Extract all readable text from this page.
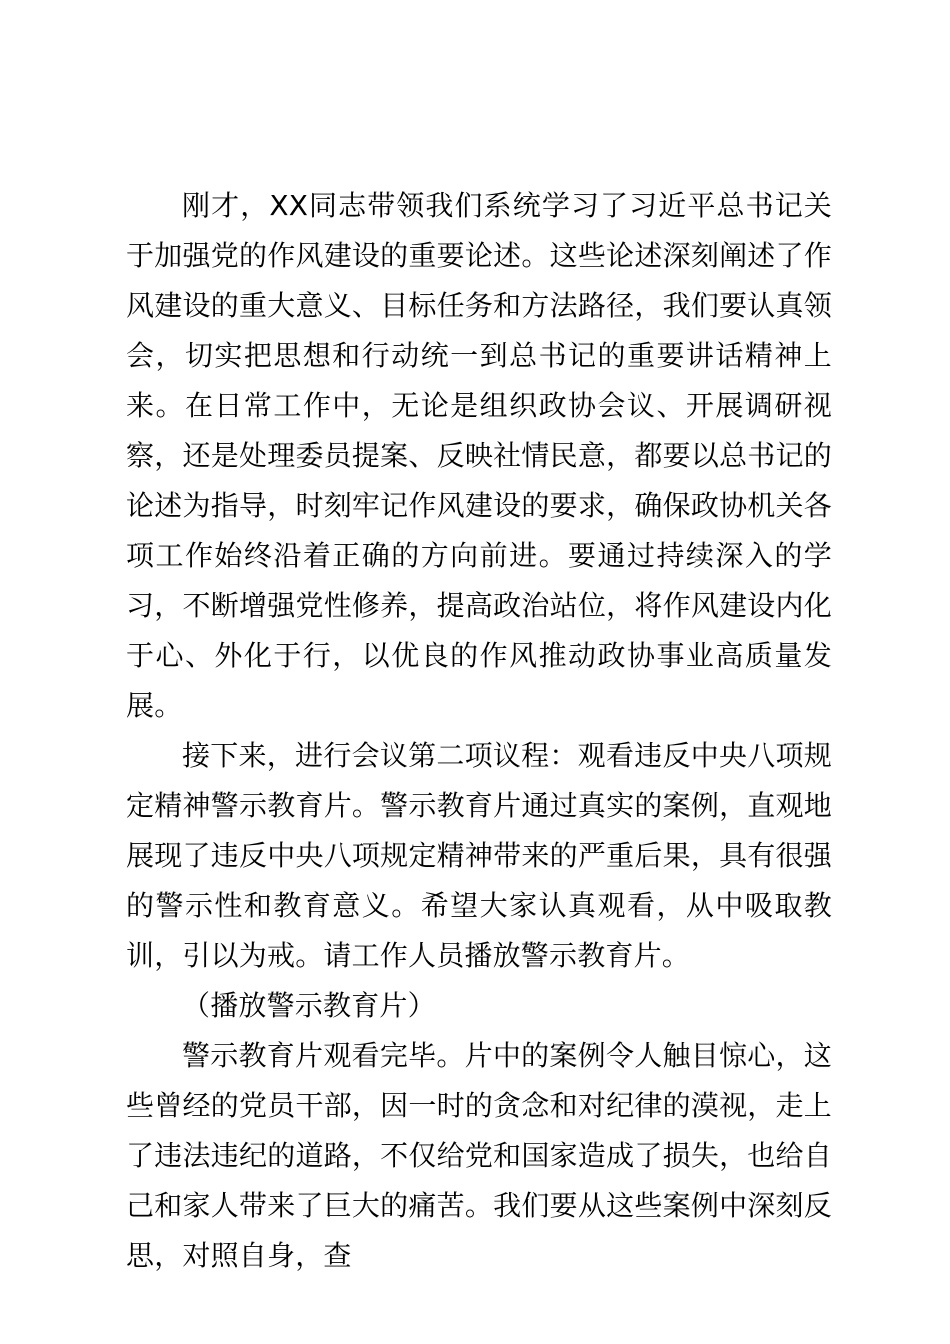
刚才，XX同志带领我们系统学习了习近平总书记关于加强党的作风建设的重要论述。这些论述深刻阐述了作风建设的重大意义、目标任务和方法路径，我们要认真领会，切实把思想和行动统一到总书记的重要讲话精神上来。在日常工作中，无论是组织政协会议、开展调研视察，还是处理委员提案、反映社情民意，都要以总书记的论述为指导，时刻牢记作风建设的要求，确保政协机关各项工作始终沿着正确的方向前进。要通过持续深入的学习，不断增强党性修养，提高政治站位，将作风建设内化于心、外化于行，以优良的作风推动政协事业高质量发展。

接下来，进行会议第二项议程：观看违反中央八项规定精神警示教育片。警示教育片通过真实的案例，直观地展现了违反中央八项规定精神带来的严重后果，具有很强的警示性和教育意义。希望大家认真观看，从中吸取教训，引以为戒。请工作人员播放警示教育片。

（播放警示教育片）

警示教育片观看完毕。片中的案例令人触目惊心，这些曾经的党员干部，因一时的贪念和对纪律的漠视，走上了违法违纪的道路，不仅给党和国家造成了损失，也给自己和家人带来了巨大的痛苦。我们要从这些案例中深刻反思，对照自身，查
